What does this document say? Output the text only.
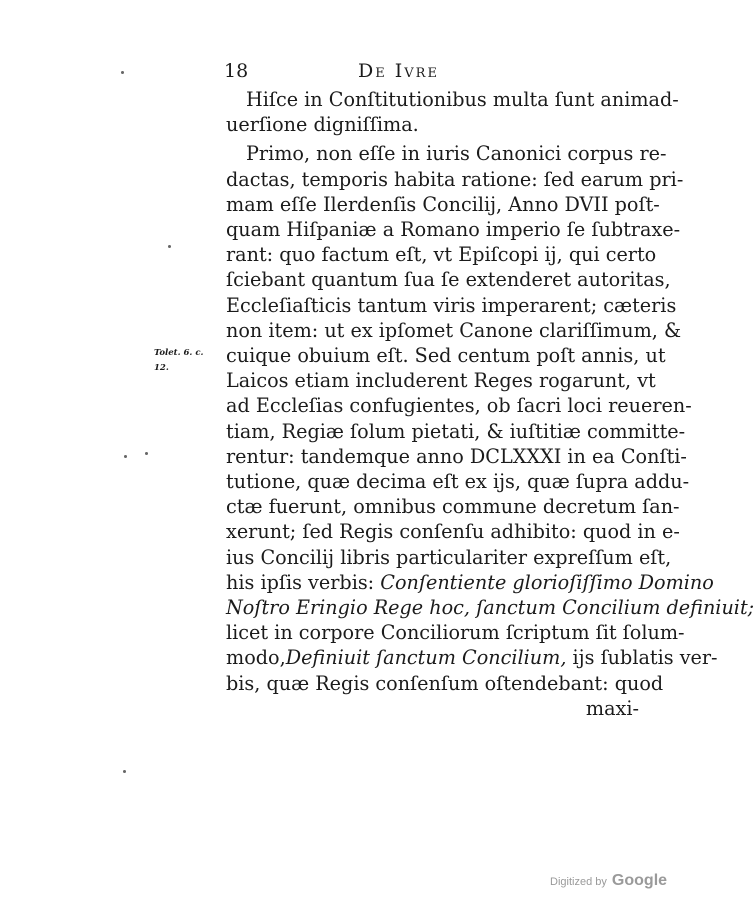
18	De Ivre
Tolet. 6. c.
12.
Hiſce in Conſtitutionibus multa ſunt animad-
uerſione digniſſima.
Primo, non eſſe in iuris Canonici corpus re-
dactas, temporis habita ratione: ſed earum pri-
mam eſſe Ilerdenſis Concilij, Anno DVII poſt-
quam Hiſpaniæ a Romano imperio ſe ſubtraxe-
rant: quo factum eſt, vt Epiſcopi ij, qui certo
ſciebant quantum ſua ſe extenderet autoritas,
Eccleſiaſticis tantum viris imperarent; cæteris
non item: ut ex ipſomet Canone clariſſimum, &
cuique obuium eſt. Sed centum poſt annis, ut
Laicos etiam includerent Reges rogarunt, vt
ad Eccleſias confugientes, ob ſacri loci reueren-
tiam, Regiæ ſolum pietati, & iuſtitiæ committe-
rentur: tandemque anno DCLXXXI in ea Conſti-
tutione, quæ decima eſt ex ijs, quæ ſupra addu-
ctæ fuerunt, omnibus commune decretum ſan-
xerunt; ſed Regis conſenſu adhibito: quod in e-
ius Concilij libris particulariter expreſſum eſt,
his ipſis verbis: Conſentiente glorioſiſſimo Domino
Noſtro Eringio Rege hoc, ſanctum Concilium definiuit;
licet in corpore Conciliorum ſcriptum ſit ſolum-
modo,Definiuit ſanctum Concilium, ijs ſublatis ver-
bis, quæ Regis conſenſum oſtendebant: quod
maxi-
Digitized by Google
